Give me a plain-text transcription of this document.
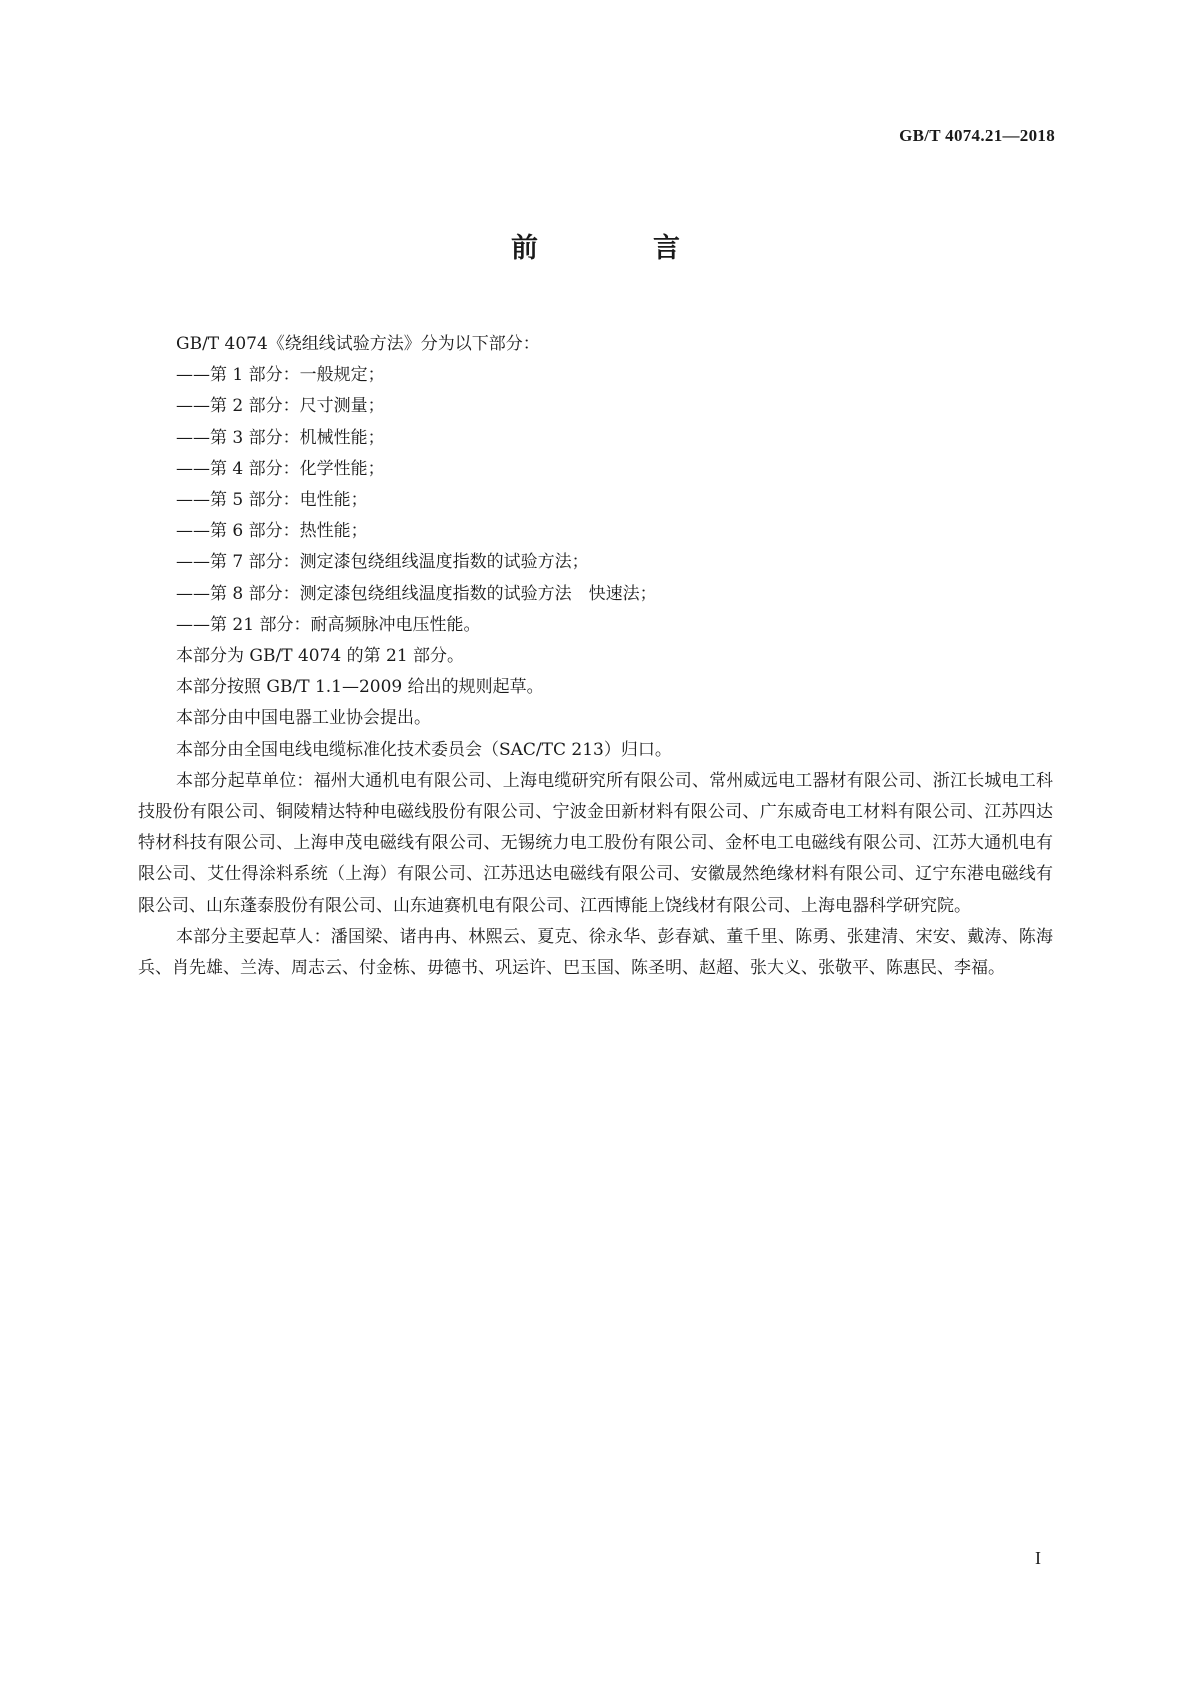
GB/T 4074.21—2018
前　言

GB/T 4074《绕组线试验方法》分为以下部分：

——第 1 部分：一般规定；

——第 2 部分：尺寸测量；

——第 3 部分：机械性能；

——第 4 部分：化学性能；

——第 5 部分：电性能；

——第 6 部分：热性能；

——第 7 部分：测定漆包绕组线温度指数的试验方法；

——第 8 部分：测定漆包绕组线温度指数的试验方法　快速法；

——第 21 部分：耐高频脉冲电压性能。

本部分为 GB/T 4074 的第 21 部分。

本部分按照 GB/T 1.1—2009 给出的规则起草。

本部分由中国电器工业协会提出。

本部分由全国电线电缆标准化技术委员会（SAC/TC 213）归口。

本部分起草单位：福州大通机电有限公司、上海电缆研究所有限公司、常州威远电工器材有限公司、浙江长城电工科技股份有限公司、铜陵精达特种电磁线股份有限公司、宁波金田新材料有限公司、广东威奇电工材料有限公司、江苏四达特材科技有限公司、上海申茂电磁线有限公司、无锡统力电工股份有限公司、金杯电工电磁线有限公司、江苏大通机电有限公司、艾仕得涂料系统（上海）有限公司、江苏迅达电磁线有限公司、安徽晟然绝缘材料有限公司、辽宁东港电磁线有限公司、山东蓬泰股份有限公司、山东迪赛机电有限公司、江西博能上饶线材有限公司、上海电器科学研究院。

本部分主要起草人：潘国梁、诸冉冉、林熙云、夏克、徐永华、彭春斌、董千里、陈勇、张建清、宋安、戴涛、陈海兵、肖先雄、兰涛、周志云、付金栋、毋德书、巩运许、巴玉国、陈圣明、赵超、张大义、张敬平、陈惠民、李福。

I
